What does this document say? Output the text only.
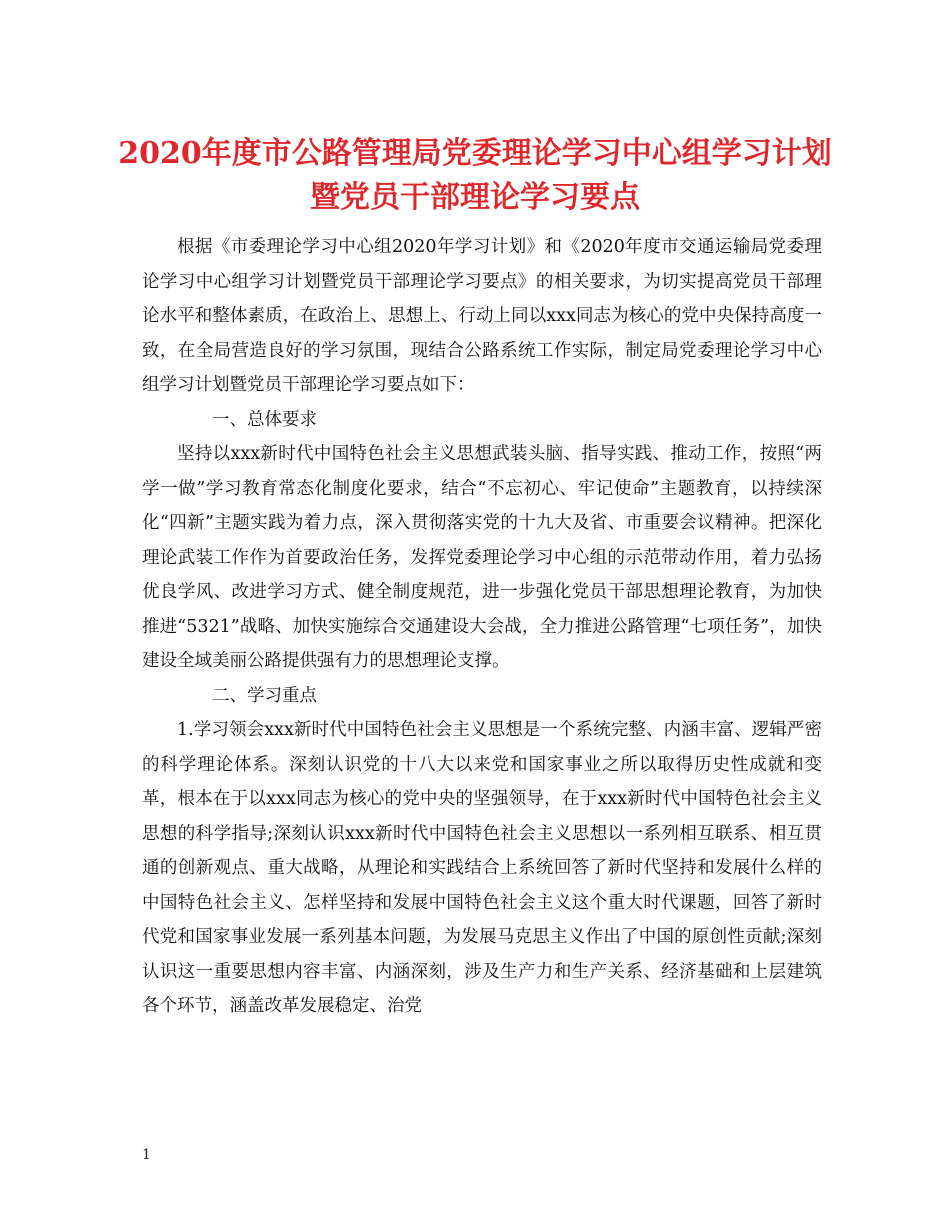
2020年度市公路管理局党委理论学习中心组学习计划
暨党员干部理论学习要点

根据《市委理论学习中心组2020年学习计划》和《2020年度市交通运输局党委理论学习中心组学习计划暨党员干部理论学习要点》的相关要求，为切实提高党员干部理论水平和整体素质，在政治上、思想上、行动上同以xxx同志为核心的党中央保持高度一致，在全局营造良好的学习氛围，现结合公路系统工作实际，制定局党委理论学习中心组学习计划暨党员干部理论学习要点如下：

一、总体要求

坚持以xxx新时代中国特色社会主义思想武装头脑、指导实践、推动工作，按照“两学一做”学习教育常态化制度化要求，结合“不忘初心、牢记使命”主题教育，以持续深化“四新”主题实践为着力点，深入贯彻落实党的十九大及省、市重要会议精神。把深化理论武装工作作为首要政治任务，发挥党委理论学习中心组的示范带动作用，着力弘扬优良学风、改进学习方式、健全制度规范，进一步强化党员干部思想理论教育，为加快推进“5321”战略、加快实施综合交通建设大会战，全力推进公路管理“七项任务”，加快建设全域美丽公路提供强有力的思想理论支撑。

二、学习重点

1.学习领会xxx新时代中国特色社会主义思想是一个系统完整、内涵丰富、逻辑严密的科学理论体系。深刻认识党的十八大以来党和国家事业之所以取得历史性成就和变革，根本在于以xxx同志为核心的党中央的坚强领导，在于xxx新时代中国特色社会主义思想的科学指导;深刻认识xxx新时代中国特色社会主义思想以一系列相互联系、相互贯通的创新观点、重大战略，从理论和实践结合上系统回答了新时代坚持和发展什么样的中国特色社会主义、怎样坚持和发展中国特色社会主义这个重大时代课题，回答了新时代党和国家事业发展一系列基本问题，为发展马克思主义作出了中国的原创性贡献;深刻认识这一重要思想内容丰富、内涵深刻，涉及生产力和生产关系、经济基础和上层建筑各个环节，涵盖改革发展稳定、治党

1
